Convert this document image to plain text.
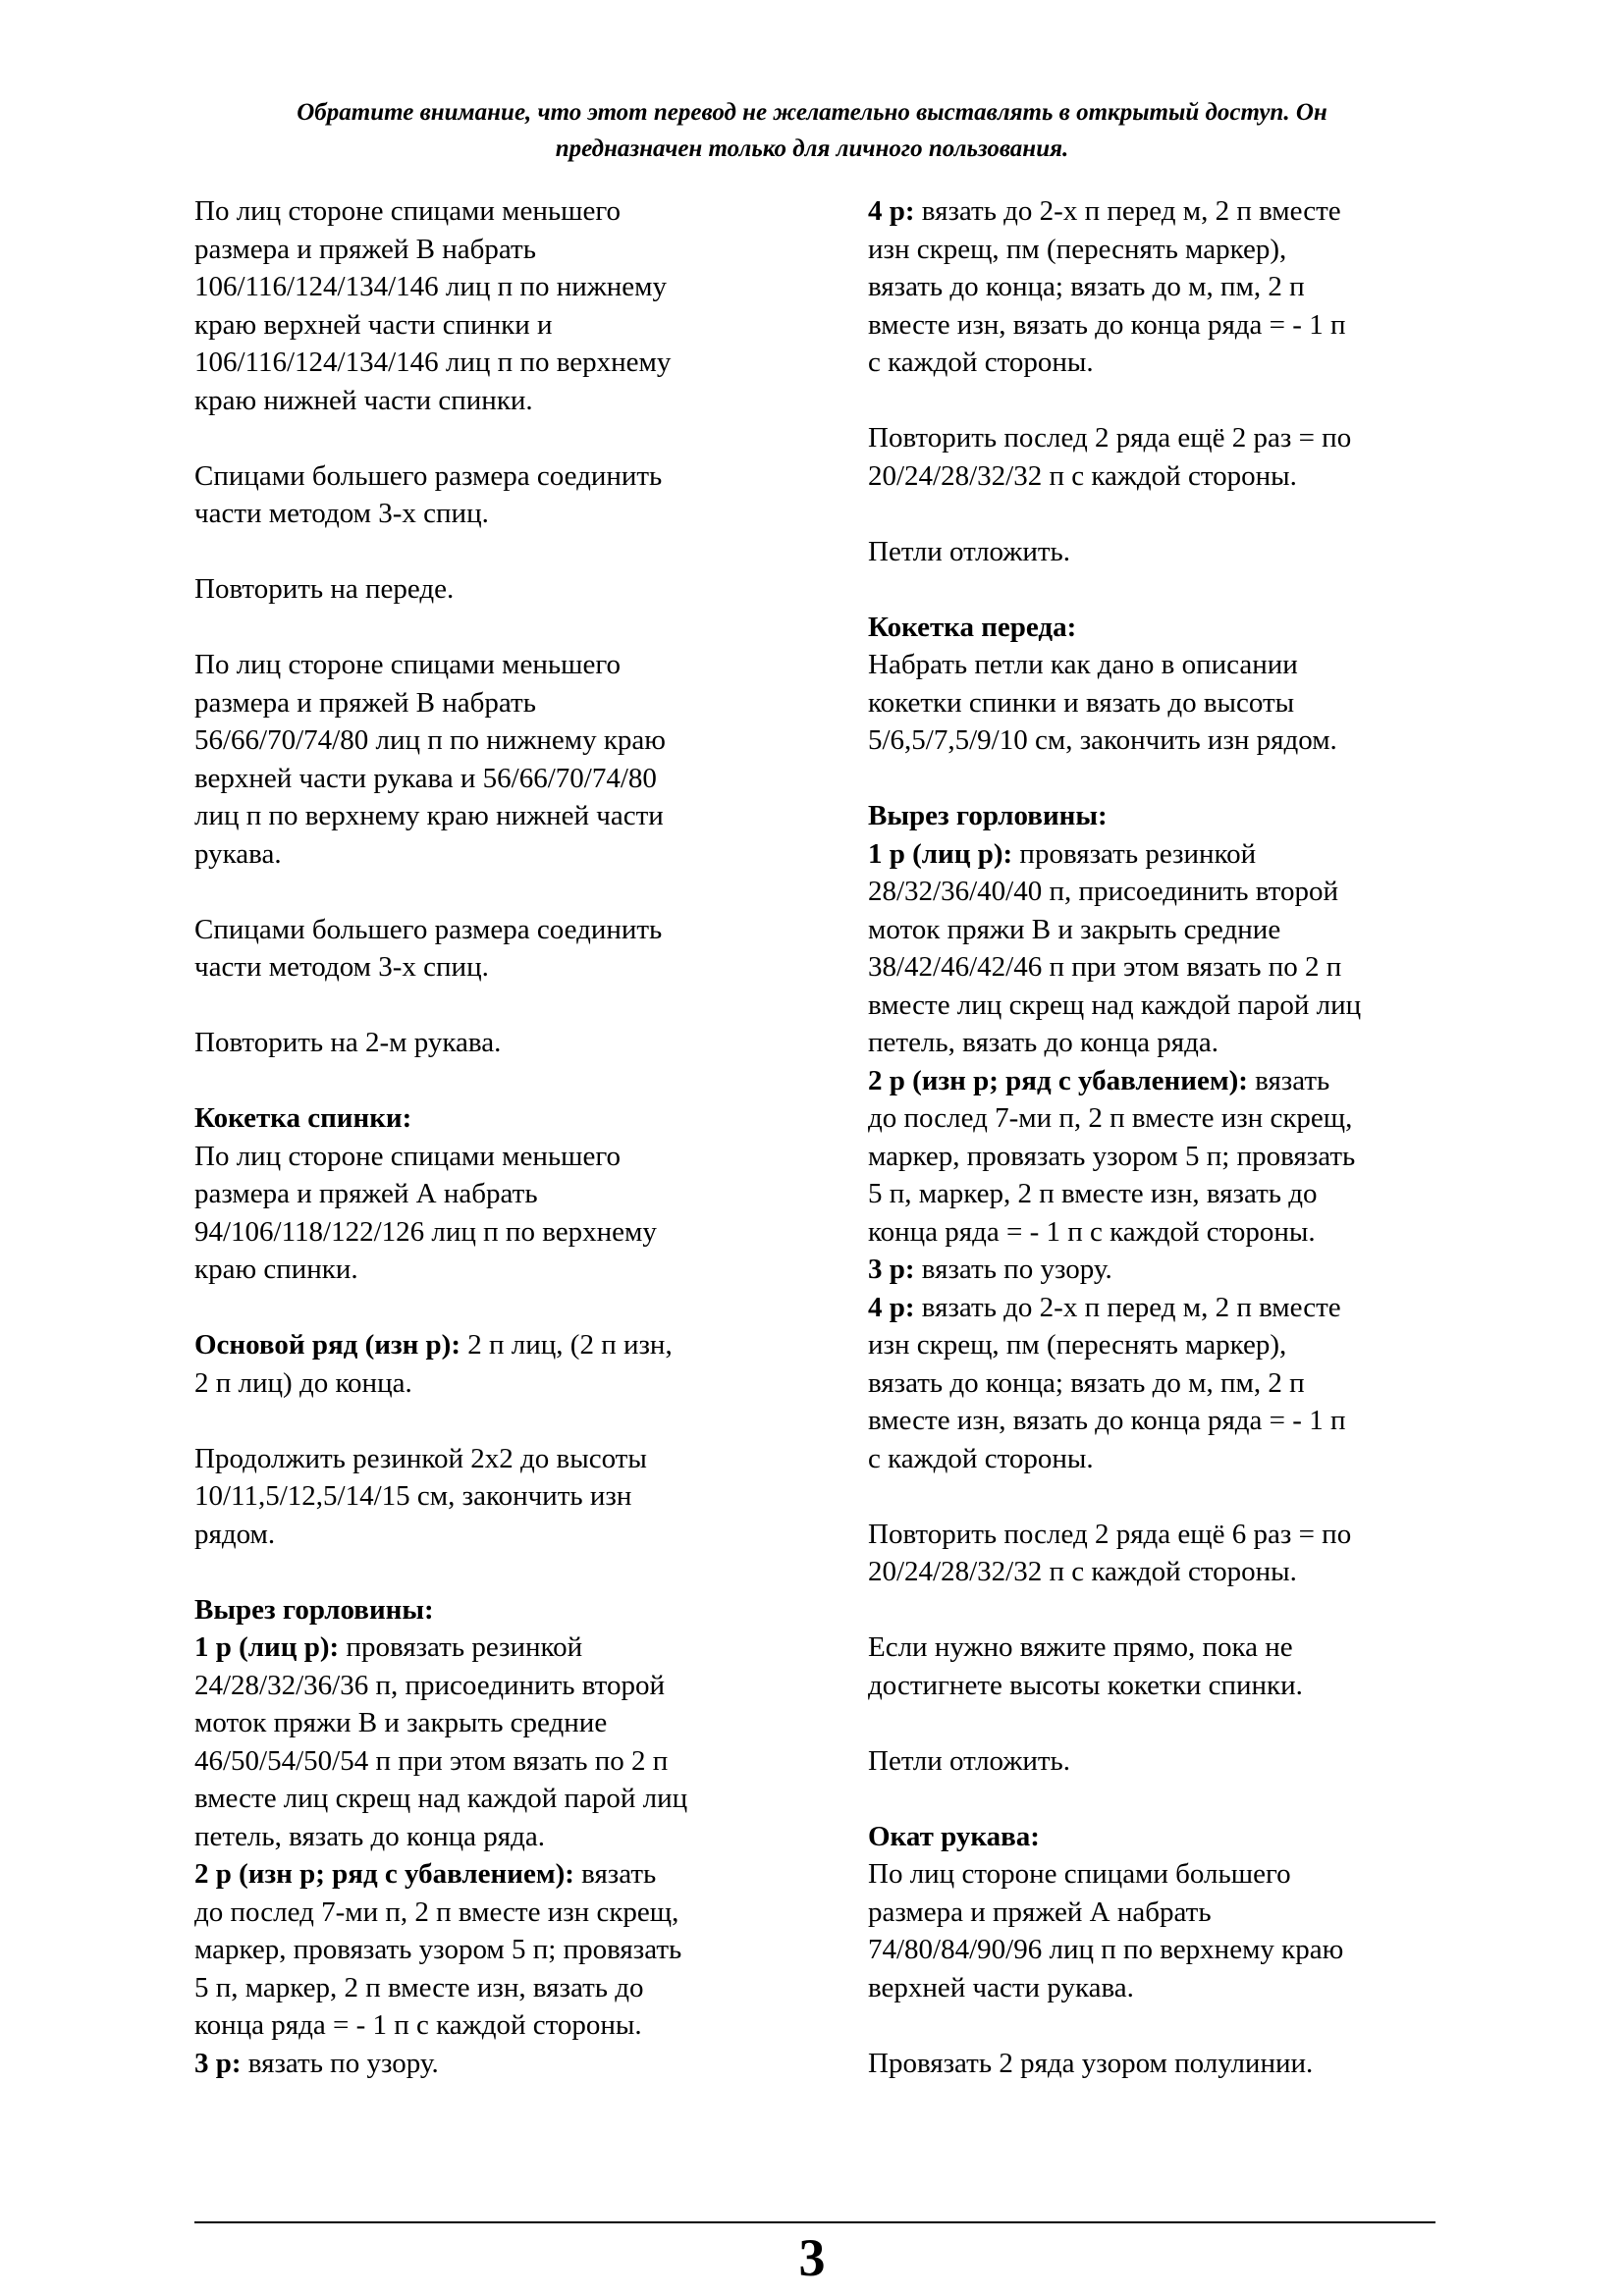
Обратите внимание, что этот перевод не желательно выставлять в открытый доступ. Он
предназначен только для личного пользования.

По лиц стороне спицами меньшего
размера и пряжей В набрать
106/116/124/134/146 лиц п по нижнему
краю верхней части спинки и
106/116/124/134/146 лиц п по верхнему
краю нижней части спинки.

Спицами большего размера соединить
части методом 3-х спиц.

Повторить на переде.

По лиц стороне спицами меньшего
размера и пряжей В набрать
56/66/70/74/80 лиц п по нижнему краю
верхней части рукава и 56/66/70/74/80
лиц п по верхнему краю нижней части
рукава.

Спицами большего размера соединить
части методом 3-х спиц.

Повторить на 2-м рукава.

Кокетка спинки:
По лиц стороне спицами меньшего
размера и пряжей А набрать
94/106/118/122/126 лиц п по верхнему
краю спинки.

Основой ряд (изн р): 2 п лиц, (2 п изн,
2 п лиц) до конца.

Продолжить резинкой 2х2 до высоты
10/11,5/12,5/14/15 см, закончить изн
рядом.

Вырез горловины:
1 р (лиц р): провязать резинкой
24/28/32/36/36 п, присоединить второй
моток пряжи В и закрыть средние
46/50/54/50/54 п при этом вязать по 2 п
вместе лиц скрещ над каждой парой лиц
петель, вязать до конца ряда.
2 р (изн р; ряд с убавлением): вязать
до послед 7-ми п, 2 п вместе изн скрещ,
маркер, провязать узором 5 п; провязать
5 п, маркер, 2 п вместе изн, вязать до
конца ряда = - 1 п с каждой стороны.
3 р: вязать по узору.

4 р: вязать до 2-х п перед м, 2 п вместе
изн скрещ, пм (переснять маркер),
вязать до конца; вязать до м, пм, 2 п
вместе изн, вязать до конца ряда = - 1 п
с каждой стороны.

Повторить послед 2 ряда ещё 2 раз = по
20/24/28/32/32 п с каждой стороны.

Петли отложить.

Кокетка переда:
Набрать петли как дано в описании
кокетки спинки и вязать до высоты
5/6,5/7,5/9/10 см, закончить изн рядом.

Вырез горловины:
1 р (лиц р): провязать резинкой
28/32/36/40/40 п, присоединить второй
моток пряжи В и закрыть средние
38/42/46/42/46 п при этом вязать по 2 п
вместе лиц скрещ над каждой парой лиц
петель, вязать до конца ряда.
2 р (изн р; ряд с убавлением): вязать
до послед 7-ми п, 2 п вместе изн скрещ,
маркер, провязать узором 5 п; провязать
5 п, маркер, 2 п вместе изн, вязать до
конца ряда = - 1 п с каждой стороны.
3 р: вязать по узору.
4 р: вязать до 2-х п перед м, 2 п вместе
изн скрещ, пм (переснять маркер),
вязать до конца; вязать до м, пм, 2 п
вместе изн, вязать до конца ряда = - 1 п
с каждой стороны.

Повторить послед 2 ряда ещё 6 раз = по
20/24/28/32/32 п с каждой стороны.

Если нужно вяжите прямо, пока не
достигнете высоты кокетки спинки.

Петли отложить.

Окат рукава:
По лиц стороне спицами большего
размера и пряжей А набрать
74/80/84/90/96 лиц п по верхнему краю
верхней части рукава.

Провязать 2 ряда узором полулинии.

3
